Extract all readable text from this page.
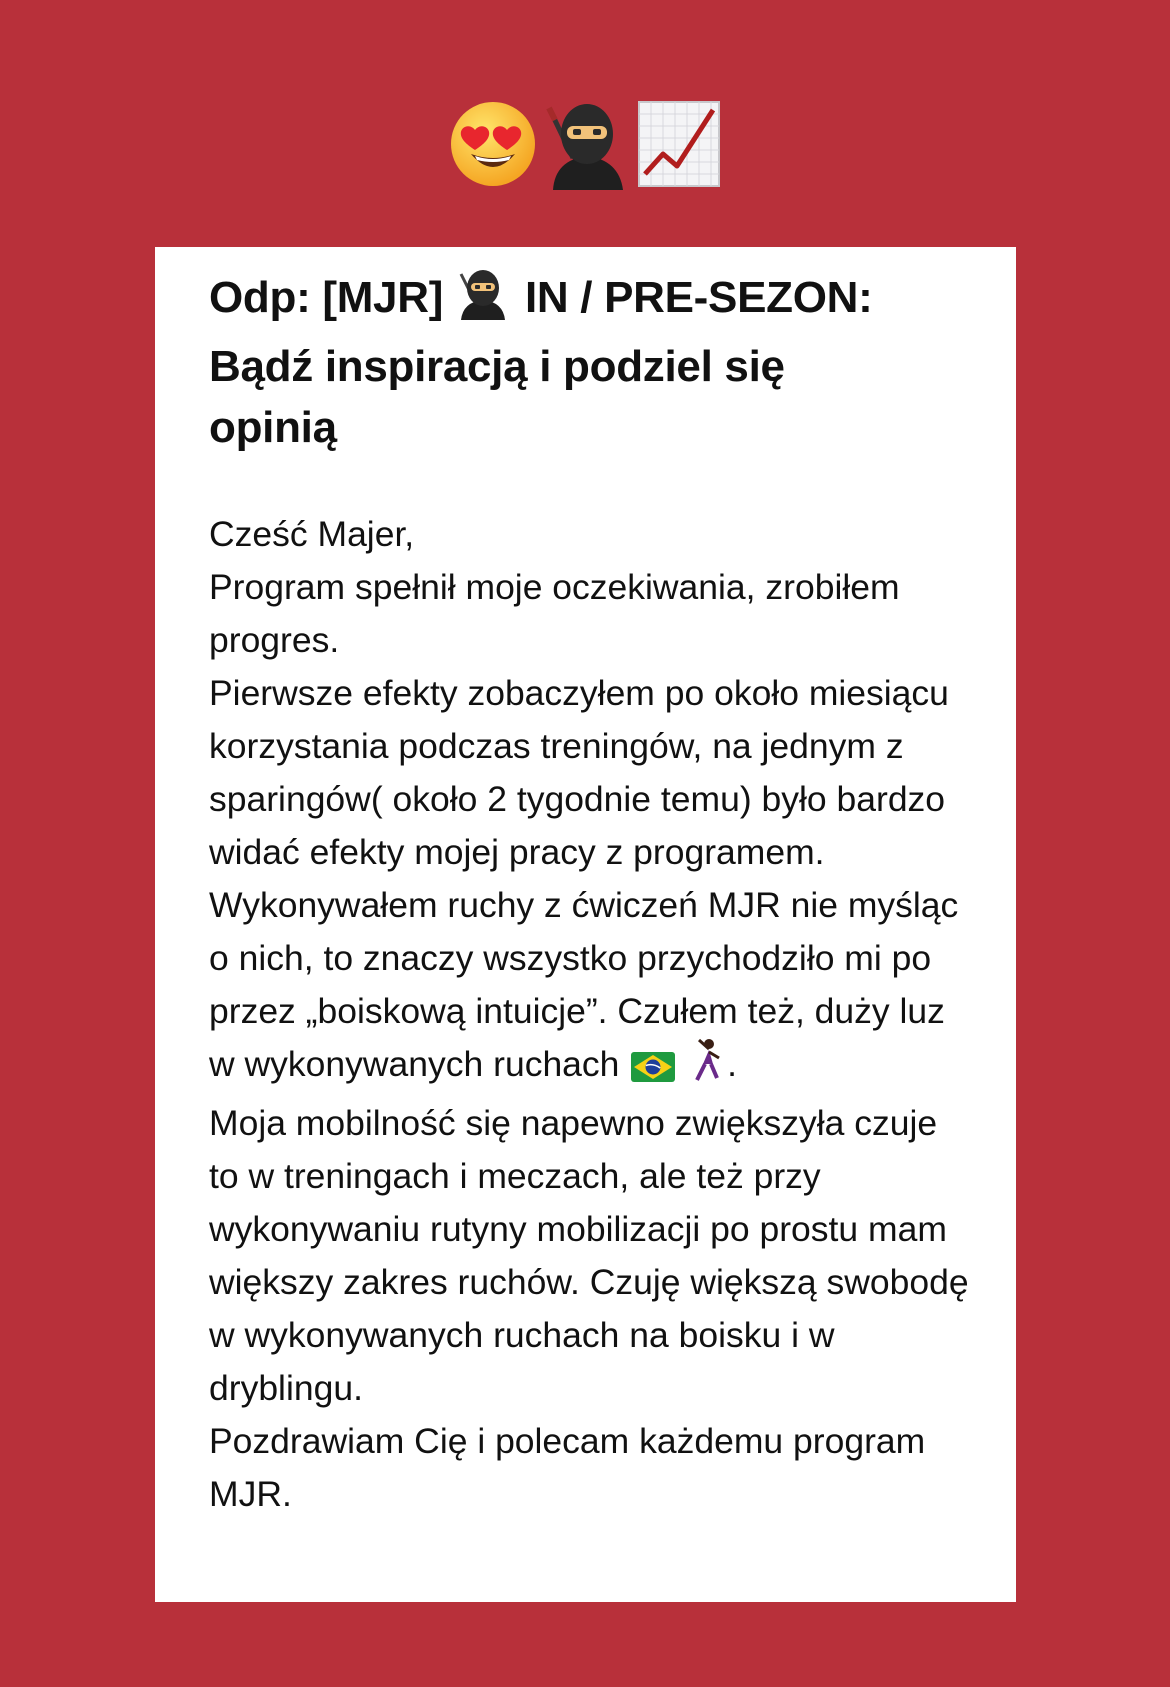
Odp: [MJR] IN / PRE-SEZON:
Bądź inspiracją i podziel się
opinią

Cześć Majer,

Program spełnił moje oczekiwania, zrobiłem progres.

Pierwsze efekty zobaczyłem po około miesiącu korzystania podczas treningów, na jednym z sparingów( około 2 tygodnie temu) było bardzo widać efekty mojej pracy z programem. Wykonywałem ruchy z ćwiczeń MJR nie myśląc o nich, to znaczy wszystko przychodziło mi po przez „boiskową intuicje”. Czułem też, duży luz w wykonywanych ruchach	.

Moja mobilność się napewno zwiększyła czuje to w treningach i meczach, ale też przy wykonywaniu rutyny mobilizacji po prostu mam większy zakres ruchów. Czuję większą swobodę w wykonywanych ruchach na boisku i w dryblingu.

Pozdrawiam Cię i polecam każdemu program MJR.
